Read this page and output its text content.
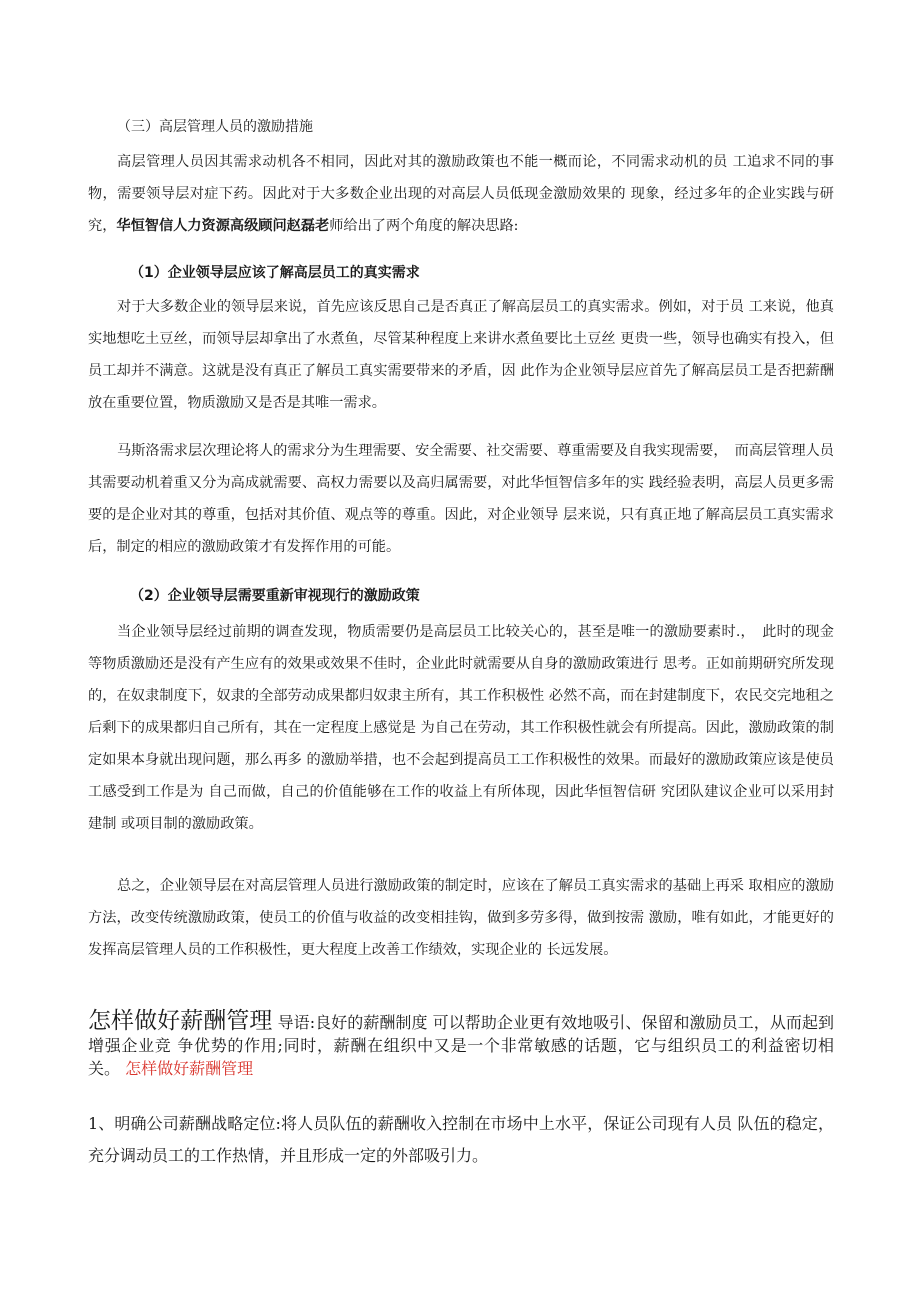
（三）高层管理人员的激励措施

高层管理人员因其需求动机各不相同，因此对其的激励政策也不能一概而论，不同需求动机的员 工追求不同的事物，需要领导层对症下药。因此对于大多数企业出现的对高层人员低现金激励效果的 现象，经过多年的企业实践与研究，华恒智信人力资源高级顾问赵磊老师给出了两个角度的解决思路:

（1）企业领导层应该了解高层员工的真实需求

对于大多数企业的领导层来说，首先应该反思自己是否真正了解高层员工的真实需求。例如，对于员 工来说，他真实地想吃土豆丝，而领导层却拿出了水煮鱼，尽管某种程度上来讲水煮鱼要比土豆丝 更贵一些，领导也确实有投入，但员工却并不满意。这就是没有真正了解员工真实需要带来的矛盾，因 此作为企业领导层应首先了解高层员工是否把薪酬放在重要位置，物质激励又是否是其唯一需求。

马斯洛需求层次理论将人的需求分为生理需要、安全需要、社交需要、尊重需要及自我实现需要，　而高层管理人员其需要动机着重又分为高成就需要、高权力需要以及高归属需要，对此华恒智信多年的实 践经验表明，高层人员更多需要的是企业对其的尊重，包括对其价值、观点等的尊重。因此，对企业领导 层来说，只有真正地了解高层员工真实需求后，制定的相应的激励政策才有发挥作用的可能。

（2）企业领导层需要重新审视现行的激励政策

当企业领导层经过前期的调查发现，物质需要仍是高层员工比较关心的，甚至是唯一的激励要素时.，　此时的现金等物质激励还是没有产生应有的效果或效果不佳时，企业此时就需要从自身的激励政策进行 思考。正如前期研究所发现的，在奴隶制度下，奴隶的全部劳动成果都归奴隶主所有，其工作积极性 必然不高，而在封建制度下，农民交完地租之后剩下的成果都归自己所有，其在一定程度上感觉是 为自己在劳动，其工作积极性就会有所提高。因此，激励政策的制定如果本身就出现问题，那么再多 的激励举措，也不会起到提高员工工作积极性的效果。而最好的激励政策应该是使员工感受到工作是为 自己而做，自己的价值能够在工作的收益上有所体现，因此华恒智信研 究团队建议企业可以采用封建制 或项目制的激励政策。

总之，企业领导层在对高层管理人员进行激励政策的制定时，应该在了解员工真实需求的基础上再采 取相应的激励方法，改变传统激励政策，使员工的价值与收益的改变相挂钩，做到多劳多得，做到按需 激励，唯有如此，才能更好的发挥高层管理人员的工作积极性，更大程度上改善工作绩效，实现企业的 长远发展。

怎样做好薪酬管理 导语:良好的薪酬制度 可以帮助企业更有效地吸引、保留和激励员工，从而起到增强企业竞 争优势的作用;同时，薪酬在组织中又是一个非常敏感的话题，它与组织员工的利益密切相关。 怎样做好薪酬管理

1、明确公司薪酬战略定位:将人员队伍的薪酬收入控制在市场中上水平，保证公司现有人员 队伍的稳定，充分调动员工的工作热情，并且形成一定的外部吸引力。
